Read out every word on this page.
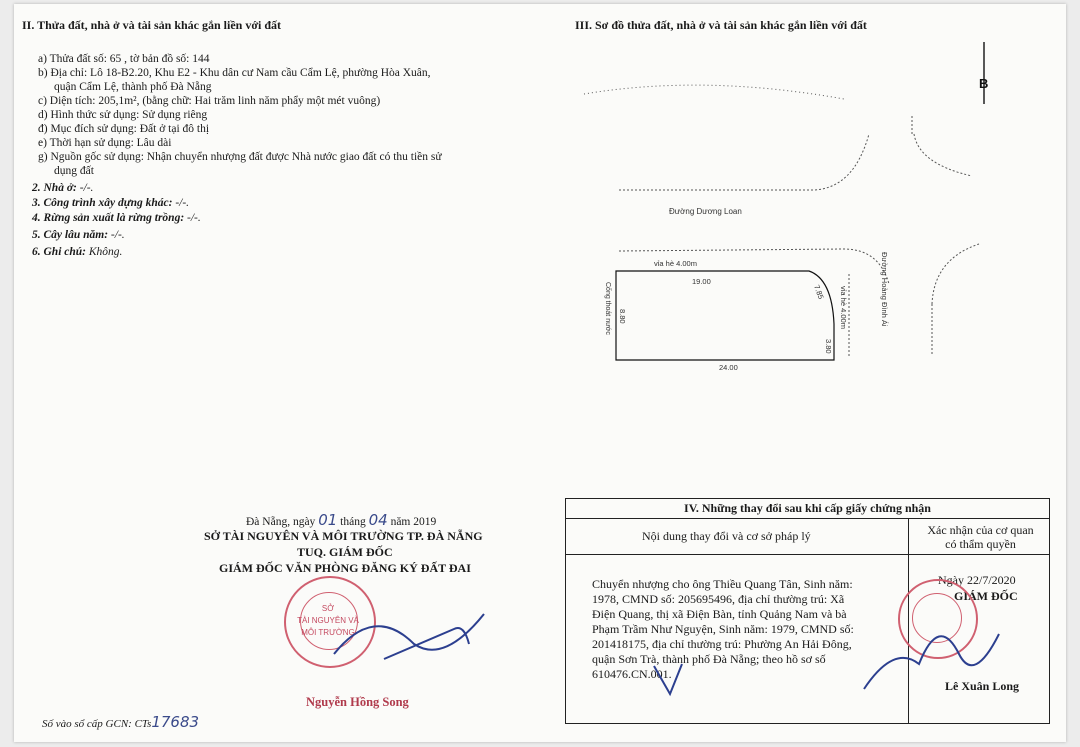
II. Thửa đất, nhà ở và tài sản khác gắn liền với đất
a) Thửa đất số: 65 , tờ bản đồ số: 144
b) Địa chỉ: Lô 18-B2.20, Khu E2 - Khu dân cư Nam cầu Cẩm Lệ, phường Hòa Xuân,
quận Cẩm Lệ, thành phố Đà Nẵng
c) Diện tích: 205,1m², (bằng chữ: Hai trăm linh năm phẩy một mét vuông)
d) Hình thức sử dụng: Sử dụng riêng
đ) Mục đích sử dụng: Đất ở tại đô thị
e) Thời hạn sử dụng: Lâu dài
g) Nguồn gốc sử dụng: Nhận chuyển nhượng đất được Nhà nước giao đất có thu tiền sử
dụng đất
2. Nhà ở: -/-.
3. Công trình xây dựng khác: -/-.
4. Rừng sản xuất là rừng trồng: -/-.
5. Cây lâu năm: -/-.
6. Ghi chú: Không.
III. Sơ đồ thửa đất, nhà ở và tài sản khác gắn liền với đất
B
Đường Dương Loan
vỉa hè 4.00m
19.00
24.00
7.85
3.80
8.80
Cống thoát nước	vỉa hè 4.00m	Đường Hoàng Đình Ái
Đà Nẵng, ngày 01 tháng 04 năm 2019
SỞ TÀI NGUYÊN VÀ MÔI TRƯỜNG TP. ĐÀ NẴNG
TUQ. GIÁM ĐỐC
GIÁM ĐỐC VĂN PHÒNG ĐĂNG KÝ ĐẤT ĐAI
SỞ
TÀI NGUYÊN VÀ
MÔI TRƯỜNG
Nguyễn Hồng Song
Số vào sổ cấp GCN: CTs17683
IV. Những thay đổi sau khi cấp giấy chứng nhận
Nội dung thay đổi và cơ sở pháp lý	Xác nhận của cơ quan
có thẩm quyền
Chuyển nhượng cho ông Thiều Quang Tân, Sinh năm:
1978, CMND số: 205695496, địa chỉ thường trú: Xã
Điện Quang, thị xã Điện Bàn, tỉnh Quảng Nam và bà
Phạm Trầm Như Nguyện, Sinh năm: 1979, CMND số:
201418175, địa chỉ thường trú: Phường An Hải Đông,
quận Sơn Trà, thành phố Đà Nẵng; theo hồ sơ số
610476.CN.001.
Ngày 22/7/2020
GIÁM ĐỐC
Lê Xuân Long
